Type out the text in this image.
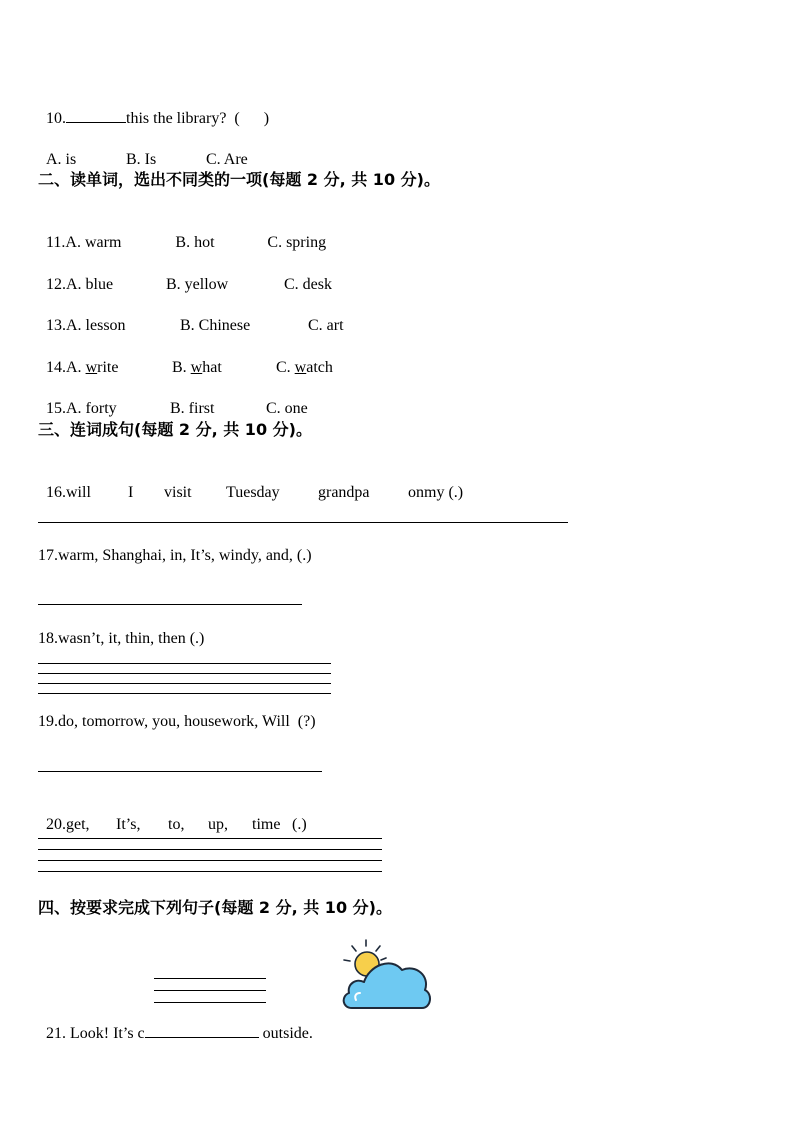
10.	this the library?  (      )

A. is	B. Is	C. Are

二、读单词，选出不同类的一项(每题 2 分, 共 10 分)。

11.A. warm	B. hot	C. spring

12.A. blue	B. yellow	C. desk

13.A. lesson	B. Chinese	C. art

14.A. write	B. what	C. watch

15.A. forty	B. first	C. one

三、连词成句(每题 2 分, 共 10 分)。

16.will I visit Tuesday grandpa onmy (.)

17.warm, Shanghai, in, It’s, windy, and, (.)
18.wasn’t, it, thin, then (.)
19.do, tomorrow, you, housework, Will  (?)

20.get, It’s, to, up, time (.)

四、按要求完成下列句子(每题 2 分, 共 10 分)。

21. Look! It’s c	outside.
